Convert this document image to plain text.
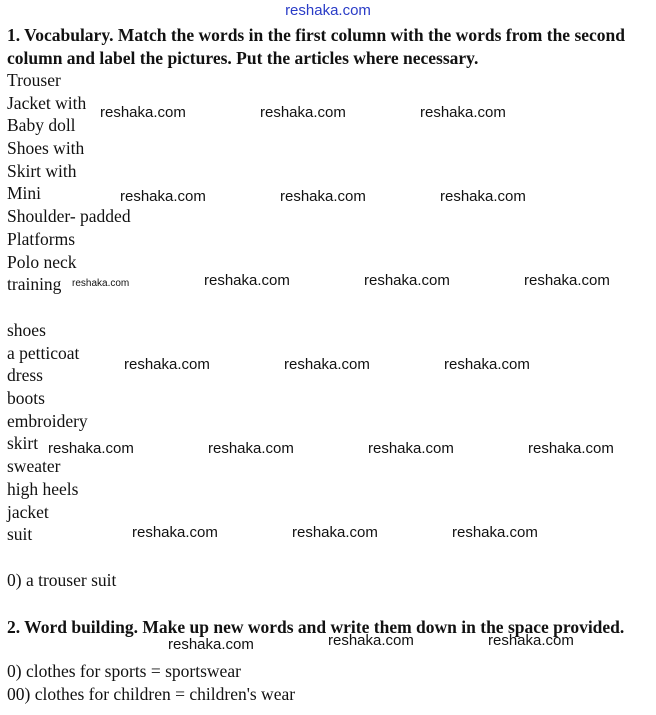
reshaka.com
1. Vocabulary. Match the words in the first column with the words from the second column and label the pictures. Put the articles where necessary.
Trouser
Jacket with
Baby doll
Shoes with
Skirt with
Mini
Shoulder- padded
Platforms
Polo neck
training
shoes
a petticoat
dress
boots
embroidery
skirt
sweater
high heels
jacket
suit
0) a trouser suit
2. Word building. Make up new words and write them down in the space provided.
0) clothes for sports = sportswear
00) clothes for children = children's wear
reshaka.com	reshaka.com	reshaka.com
reshaka.com	reshaka.com	reshaka.com
reshaka.com	reshaka.com	reshaka.com	reshaka.com
reshaka.com	reshaka.com	reshaka.com
reshaka.com	reshaka.com	reshaka.com	reshaka.com
reshaka.com	reshaka.com	reshaka.com
reshaka.com	reshaka.com	reshaka.com
